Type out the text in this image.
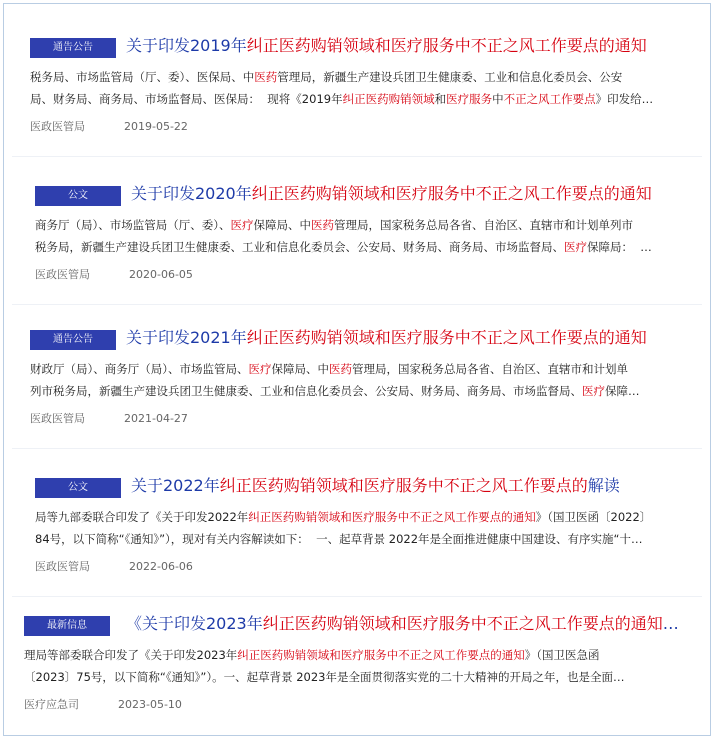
通告公告	关于印发2019年纠正医药购销领域和医疗服务中不正之风工作要点的通知
税务局、市场监管局（厅、委）、医保局、中医药管理局，新疆生产建设兵团卫生健康委、工业和信息化委员会、公安
局、财务局、商务局、市场监督局、医保局：  现将《2019年纠正医药购销领域和医疗服务中不正之风工作要点》印发给…
医政医管局	2019-05-22
公文	关于印发2020年纠正医药购销领域和医疗服务中不正之风工作要点的通知
商务厅（局）、市场监管局（厅、委）、医疗保障局、中医药管理局，国家税务总局各省、自治区、直辖市和计划单列市
税务局，新疆生产建设兵团卫生健康委、工业和信息化委员会、公安局、财务局、商务局、市场监督局、医疗保障局：  …
医政医管局	2020-06-05
通告公告	关于印发2021年纠正医药购销领域和医疗服务中不正之风工作要点的通知
财政厅（局）、商务厅（局）、市场监管局、医疗保障局、中医药管理局，国家税务总局各省、自治区、直辖市和计划单
列市税务局，新疆生产建设兵团卫生健康委、工业和信息化委员会、公安局、财务局、商务局、市场监督局、医疗保障…
医政医管局	2021-04-27
公文	关于2022年纠正医药购销领域和医疗服务中不正之风工作要点的解读
局等九部委联合印发了《关于印发2022年纠正医药购销领域和医疗服务中不正之风工作要点的通知》（国卫医函〔2022〕
84号，以下简称“《通知》”），现对有关内容解读如下：  一、起草背景 2022年是全面推进健康中国建设、有序实施“十…
医政医管局	2022-06-06
最新信息	《关于印发2023年纠正医药购销领域和医疗服务中不正之风工作要点的通知…
理局等部委联合印发了《关于印发2023年纠正医药购销领域和医疗服务中不正之风工作要点的通知》（国卫医急函
〔2023〕75号，以下简称“《通知》”）。一、起草背景 2023年是全面贯彻落实党的二十大精神的开局之年，也是全面…
医疗应急司	2023-05-10
